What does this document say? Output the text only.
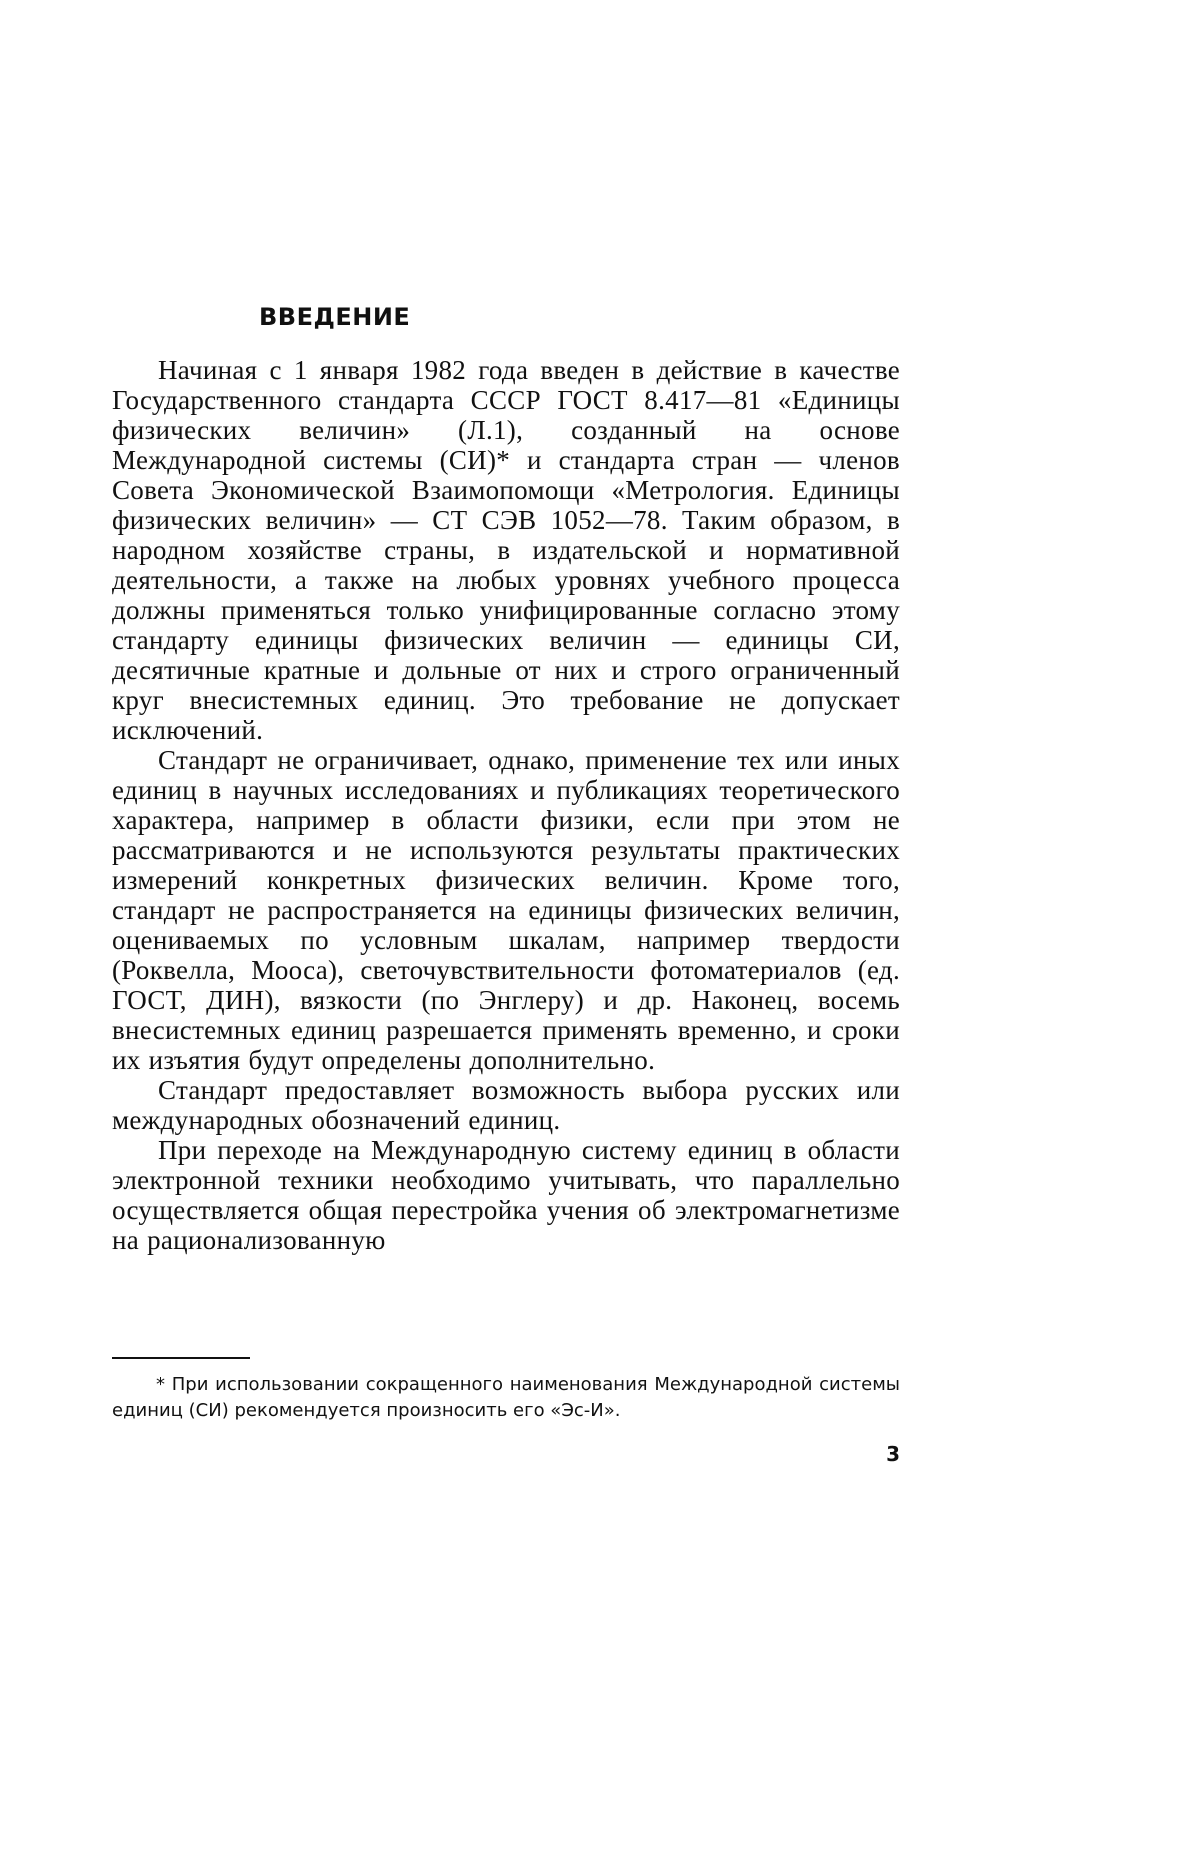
ВВЕДЕНИЕ

Начиная с 1 января 1982 года введен в действие в качестве Государственного стандарта СССР ГОСТ 8.417—81 «Единицы физических величин» (Л.1), созданный на основе Международной системы (СИ)* и стандарта стран — членов Совета Экономической Взаимопомощи «Метрология. Единицы физических величин» — СТ СЭВ 1052—78. Таким образом, в народном хозяйстве страны, в издательской и нормативной деятельности, а также на любых уровнях учебного процесса должны применяться только унифицированные согласно этому стандарту единицы физических величин — единицы СИ, десятичные кратные и дольные от них и строго ограниченный круг внесистемных единиц. Это требование не допускает исключений.

Стандарт не ограничивает, однако, применение тех или иных единиц в научных исследованиях и публикациях теоретического характера, например в области физики, если при этом не рассматриваются и не используются результаты практических измерений конкретных физических величин. Кроме того, стандарт не распространяется на единицы физических величин, оцениваемых по условным шкалам, например твердости (Роквелла, Мооса), светочувствительности фотоматериалов (ед. ГОСТ, ДИН), вязкости (по Энглеру) и др. Наконец, восемь внесистемных единиц разрешается применять временно, и сроки их изъятия будут определены дополнительно.

Стандарт предоставляет возможность выбора русских или международных обозначений единиц.

При переходе на Международную систему единиц в области электронной техники необходимо учитывать, что параллельно осуществляется общая перестройка учения об электромагнетизме на рационализованную

* При использовании сокращенного наименования Международной системы единиц (СИ) рекомендуется произносить его «Эс-И».

3
